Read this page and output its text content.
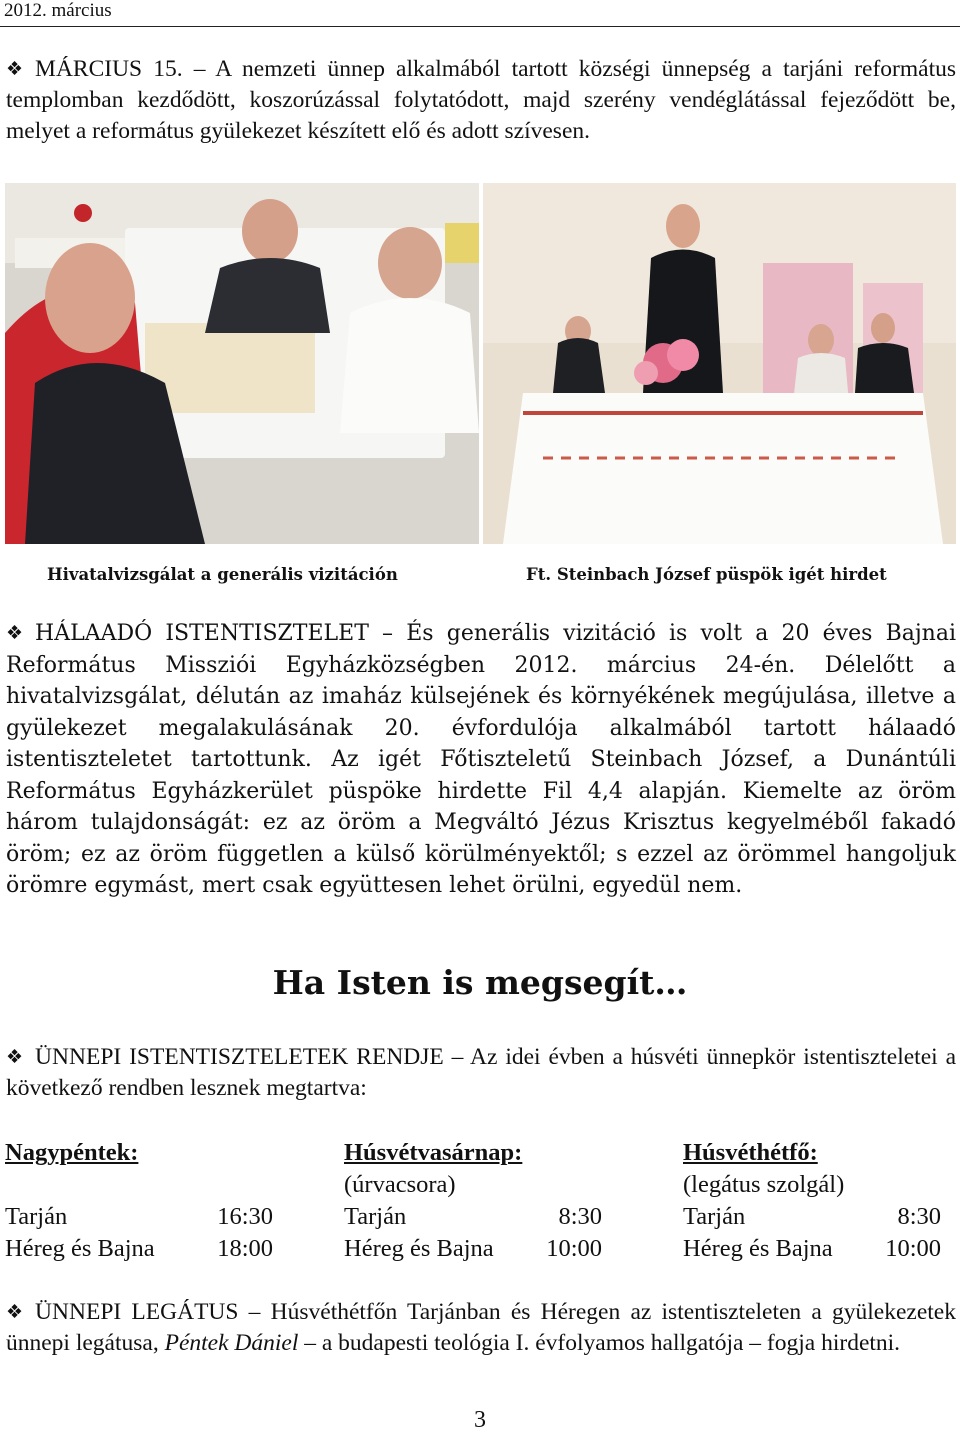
2012. március
❖ MÁRCIUS 15. – A nemzeti ünnep alkalmából tartott községi ünnepség a tarjáni református templomban kezdődött, koszorúzással folytatódott, majd szerény vendéglátással fejeződött be, melyet a református gyülekezet készített elő és adott szívesen.
Hivatalvizsgálat a generális vizitáción	Ft. Steinbach József püspök igét hirdet
❖ HÁLAADÓ ISTENTISZTELET – És generális vizitáció is volt a 20 éves Bajnai Református Missziói Egyházközségben 2012. március 24-én. Délelőtt a hivatalvizsgálat, délután az imaház külsejének és környékének megújulása, illetve a gyülekezet megalakulásának 20. évfordulója alkalmából tartott hálaadó istentiszteletet tartottunk. Az igét Főtiszteletű Steinbach József, a Dunántúli Református Egyházkerület püspöke hirdette Fil 4,4 alapján. Kiemelte az öröm három tulajdonságát: ez az öröm a Megváltó Jézus Krisztus kegyelméből fakadó öröm; ez az öröm független a külső körülményektől; s ezzel az örömmel hangoljuk örömre egymást, mert csak együttesen lehet örülni, egyedül nem.
Ha Isten is megsegít…
❖ ÜNNEPI ISTENTISZTELETEK RENDJE – Az idei évben a húsvéti ünnepkör istentiszteletei a következő rendben lesznek megtartva:
Nagypéntek:
Tarján	16:30
Héreg és Bajna	18:00
Húsvétvasárnap:
(úrvacsora)
Tarján	8:30
Héreg és Bajna 10:00
Húsvéthétfő:
(legátus szolgál)
Tarján	8:30
Héreg és Bajna 10:00
❖ ÜNNEPI LEGÁTUS – Húsvéthétfőn Tarjánban és Héregen az istentiszteleten a gyülekezetek ünnepi legátusa, Péntek Dániel – a budapesti teológia I. évfolyamos hallgatója – fogja hirdetni.
3
